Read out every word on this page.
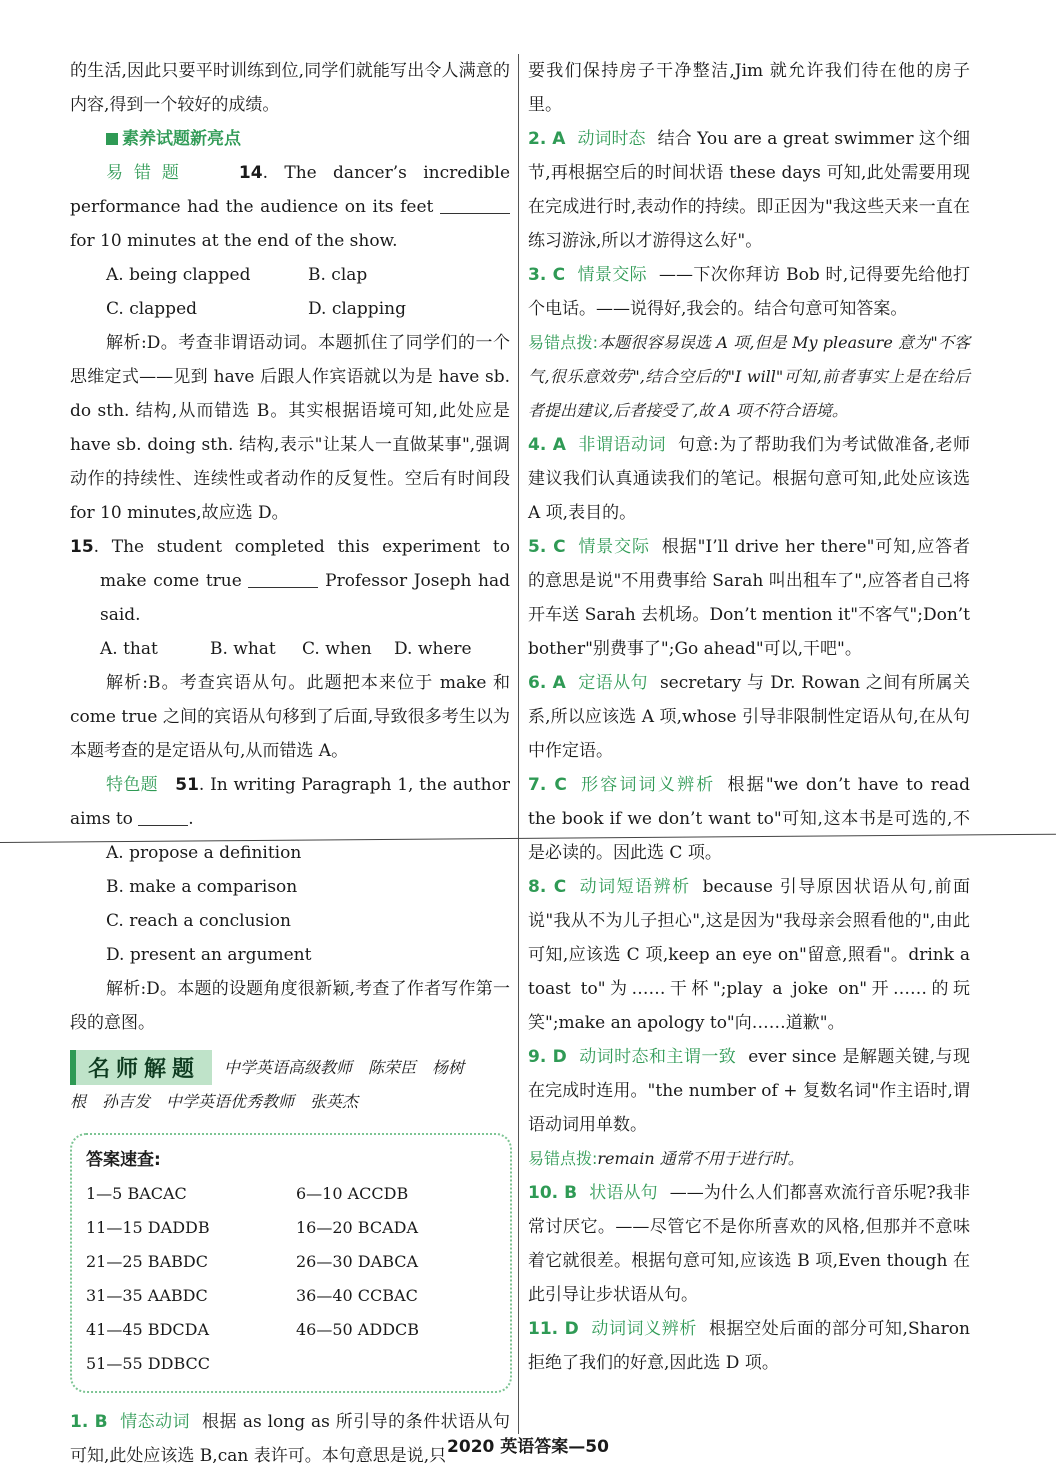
的生活,因此只要平时训练到位,同学们就能写出令人满意的内容,得到一个较好的成绩。

素养试题新亮点

易错题	14. The dancer’s incredible performance had the audience on its feet  for 10 minutes at the end of the show.

A. being clapped	B. clap

C. clapped	D. clapping

解析:D。考查非谓语动词。本题抓住了同学们的一个思维定式——见到 have 后跟人作宾语就以为是 have sb. do sth. 结构,从而错选 B。其实根据语境可知,此处应是 have sb. doing sth. 结构,表示"让某人一直做某事",强调动作的持续性、连续性或者动作的反复性。空后有时间段 for 10 minutes,故应选 D。

15. The student completed this experiment to make come true	Professor Joseph had said.

A. that	B. what	C. when	D. where

解析:B。考查宾语从句。此题把本来位于 make 和 come true 之间的宾语从句移到了后面,导致很多考生以为本题考查的是定语从句,从而错选 A。

特色题 51. In writing Paragraph 1, the author aims to	.

A. propose a definition

B. make a comparison

C. reach a conclusion

D. present an argument

解析:D。本题的设题角度很新颖,考查了作者写作第一段的意图。

名师解题	中学英语高级教师　陈荣臣　杨树
根　孙吉发　中学英语优秀教师　张英杰
答案速查:
1—5 BACAC	6—10 ACCDB
11—15 DADDB	16—20 BCADA
21—25 BABDC	26—30 DABCA
31—35 AABDC	36—40 CCBAC
41—45 BDCDA	46—50 ADDCB
51—55 DDBCC

1. B 情态动词 根据 as long as 所引导的条件状语从句可知,此处应该选 B,can 表许可。本句意思是说,只

要我们保持房子干净整洁,Jim 就允许我们待在他的房子里。

2. A 动词时态 结合 You are a great swimmer 这个细节,再根据空后的时间状语 these days 可知,此处需要用现在完成进行时,表动作的持续。即正因为"我这些天来一直在练习游泳,所以才游得这么好"。

3. C 情景交际 ——下次你拜访 Bob 时,记得要先给他打个电话。——说得好,我会的。结合句意可知答案。

易错点拨:本题很容易误选 A 项,但是 My pleasure 意为"不客气,很乐意效劳",结合空后的"I will"可知,前者事实上是在给后者提出建议,后者接受了,故 A 项不符合语境。

4. A 非谓语动词 句意:为了帮助我们为考试做准备,老师建议我们认真通读我们的笔记。根据句意可知,此处应该选 A 项,表目的。

5. C 情景交际 根据"I’ll drive her there"可知,应答者的意思是说"不用费事给 Sarah 叫出租车了",应答者自己将开车送 Sarah 去机场。Don’t mention it"不客气";Don’t bother"别费事了";Go ahead"可以,干吧"。

6. A 定语从句 secretary 与 Dr. Rowan 之间有所属关系,所以应该选 A 项,whose 引导非限制性定语从句,在从句中作定语。

7. C 形容词词义辨析 根据"we don’t have to read the book if we don’t want to"可知,这本书是可选的,不是必读的。因此选 C 项。

8. C 动词短语辨析 because 引导原因状语从句,前面说"我从不为儿子担心",这是因为"我母亲会照看他的",由此可知,应该选 C 项,keep an eye on"留意,照看"。drink a toast to"为……干杯";play a joke on"开……的玩笑";make an apology to"向……道歉"。

9. D 动词时态和主谓一致 ever since 是解题关键,与现在完成时连用。"the number of + 复数名词"作主语时,谓语动词用单数。

易错点拨:remain 通常不用于进行时。

10. B 状语从句 ——为什么人们都喜欢流行音乐呢?我非常讨厌它。——尽管它不是你所喜欢的风格,但那并不意味着它就很差。根据句意可知,应该选 B 项,Even though 在此引导让步状语从句。

11. D 动词词义辨析 根据空处后面的部分可知,Sharon 拒绝了我们的好意,因此选 D 项。

2020 英语答案—50
